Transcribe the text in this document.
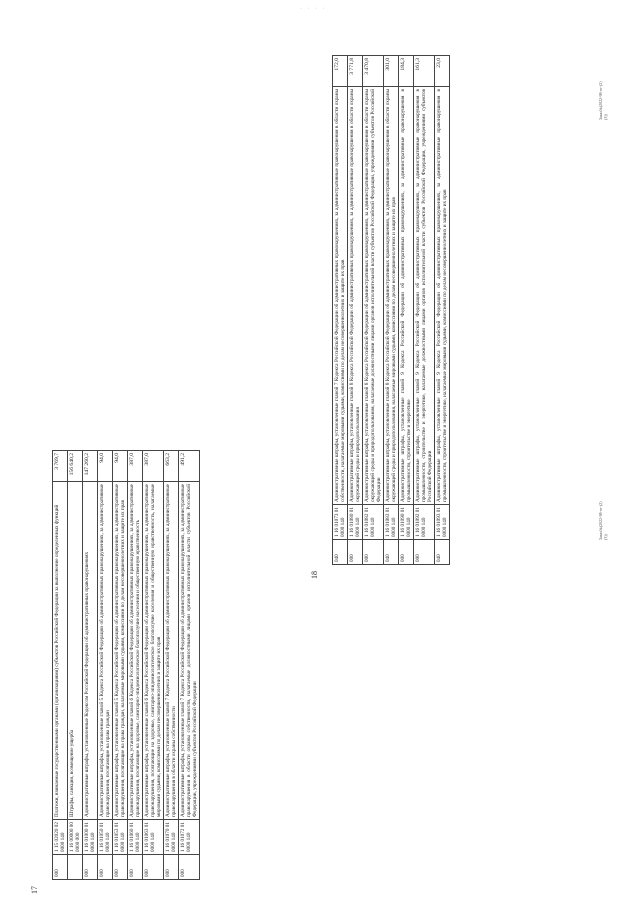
· · · ·
17
000	1 15 02020 02 0000 140	Платежи, взимаемые государственными органами (организациями) субъектов Российской Федерации за выполнение определенных функций	3 769,7
	1 16 00000 00 0000 000	Штрафы, санкции, возмещение ущерба	156 640,2
000	1 16 01000 01 0000 140	Административные штрафы, установленные Кодексом Российской Федерации об административных правонарушениях	147 260,2
000	1 16 01050 01 0000 140	Административные штрафы, установленные главой 5 Кодекса Российской Федерации об административных правонарушениях, за административные правонарушения, посягающие на права граждан	94,0
000	1 16 01053 01 0000 140	Административные штрафы, установленные главой 5 Кодекса Российской Федерации об административных правонарушениях, за административные правонарушения, посягающие на права граждан, налагаемые мировыми судьями, комиссиями по делам несовершеннолетних и защите их прав	94,0
000	1 16 01060 01 0000 140	Административные штрафы, установленные главой 6 Кодекса Российской Федерации об административных правонарушениях, за административные правонарушения, посягающие на здоровье, санитарно-эпидемиологическое благополучие населения и общественную нравственность	387,0
000	1 16 01063 01 0000 140	Административные штрафы, установленные главой 6 Кодекса Российской Федерации об административных правонарушениях, за административные правонарушения, посягающие на здоровье, санитарно-эпидемиологическое благополучие населения и общественную нравственность, налагаемые мировыми судьями, комиссиями по делам несовершеннолетних и защите их прав	387,0
000	1 16 01070 01 0000 140	Административные штрафы, установленные главой 7 Кодекса Российской Федерации об административных правонарушениях, за административные правонарушения в области охраны собственности	663,2
000	1 16 01072 01 0000 140	Административные штрафы, установленные главой 7 Кодекса Российской Федерации об административных правонарушениях, за административные правонарушения в области охраны собственности, налагаемые должностными лицами органов исполнительной власти субъектов Российской Федерации, учреждениями субъектов Российской Федерации	491,2
Заказ№(2022-98-от-(2)(3))
18
040	1 16 01073 01 0000 140	Административные штрафы, установленные главой 7 Кодекса Российской Федерации об административных правонарушениях, за административные правонарушения в области охраны собственности, налагаемые мировыми судьями, комиссиями по делам несовершеннолетних и защите их прав	172,0
000	1 16 01080 01 0000 140	Административные штрафы, установленные главой 8 Кодекса Российской Федерации об административных правонарушениях, за административные правонарушения в области охраны окружающей среды и природопользования	3 771,8
000	1 16 01082 01 0000 140	Административные штрафы, установленные главой 8 Кодекса Российской Федерации об административных правонарушениях, за административные правонарушения в области охраны окружающей среды и природопользования, налагаемые должностными лицами органов исполнительной власти субъектов Российской Федерации, учреждениями субъектов Российской Федерации	3 470,8
040	1 16 01083 01 0000 140	Административные штрафы, установленные главой 8 Кодекса Российской Федерации об административных правонарушениях, за административные правонарушения в области охраны окружающей среды и природопользования, налагаемые мировыми судьями, комиссиями по делам несовершеннолетних и защите их прав	301,0
000	1 16 01090 01 0000 140	Административные штрафы, установленные главой 9 Кодекса Российской Федерации об административных правонарушениях, за административные правонарушения в промышленности, строительстве и энергетике	184,3
000	1 16 01092 01 0000 140	Административные штрафы, установленные главой 9 Кодекса Российской Федерации об административных правонарушениях, за административные правонарушения в промышленности, строительстве и энергетике, налагаемые должностными лицами органов исполнительной власти субъектов Российской Федерации, учреждениями субъектов Российской Федерации	161,3
040	1 16 01093 01 0000 140	Административные штрафы, установленные главой 9 Кодекса Российской Федерации об административных правонарушениях, за административные правонарушения в промышленности, строительстве и энергетике, налагаемые мировыми судьями, комиссиями по делам несовершеннолетних и защите их прав	23,0
Заказ№(2022-98-от-(2)(3))
